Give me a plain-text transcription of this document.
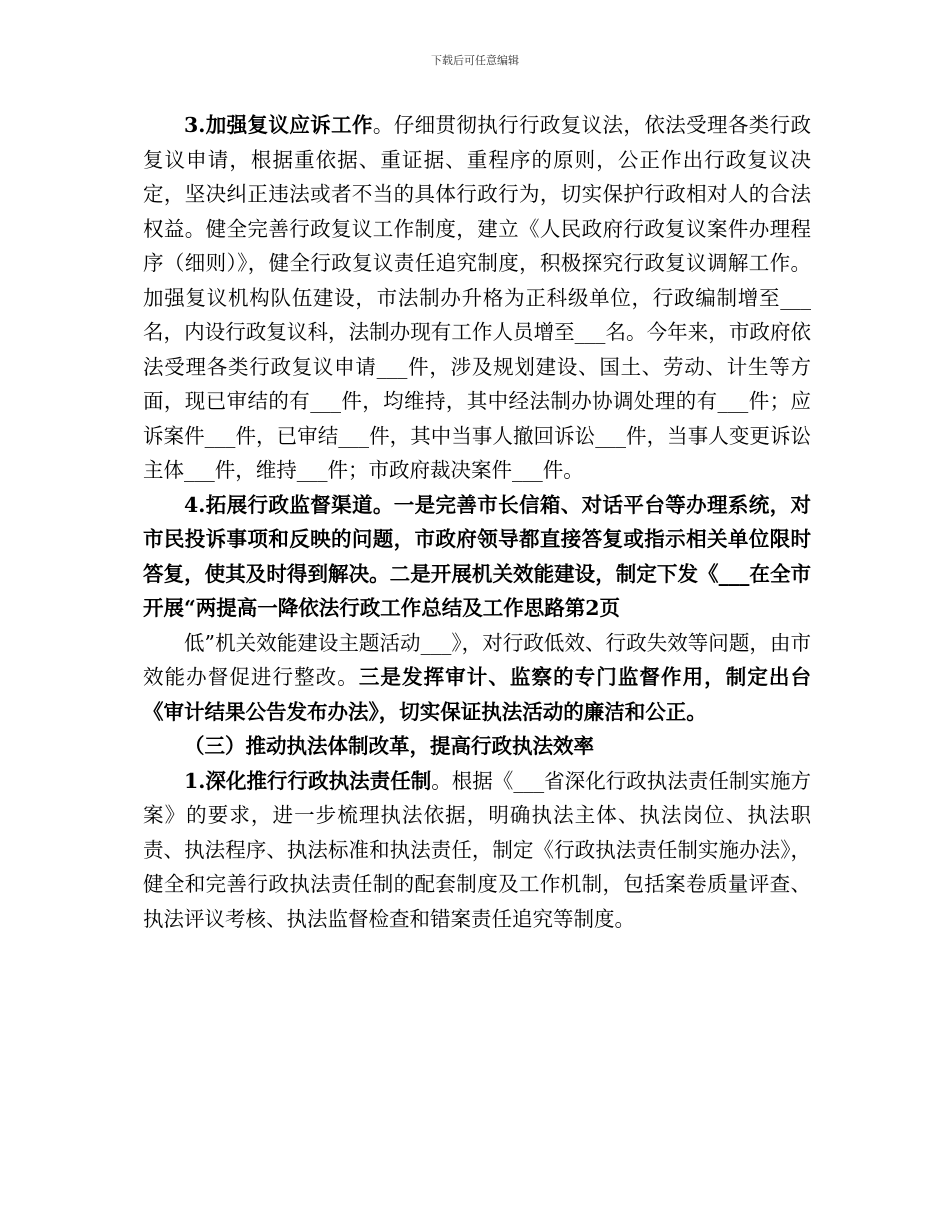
下载后可任意编辑

3.加强复议应诉工作。仔细贯彻执行行政复议法，依法受理各类行政复议申请，根据重依据、重证据、重程序的原则，公正作出行政复议决定，坚决纠正违法或者不当的具体行政行为，切实保护行政相对人的合法权益。健全完善行政复议工作制度，建立《人民政府行政复议案件办理程序（细则）》，健全行政复议责任追究制度，积极探究行政复议调解工作。加强复议机构队伍建设，市法制办升格为正科级单位，行政编制增至___名，内设行政复议科，法制办现有工作人员增至___名。今年来，市政府依法受理各类行政复议申请___件，涉及规划建设、国土、劳动、计生等方面，现已审结的有___件，均维持，其中经法制办协调处理的有___件；应诉案件___件，已审结___件，其中当事人撤回诉讼___件，当事人变更诉讼主体___件，维持___件；市政府裁决案件___件。

4.拓展行政监督渠道。一是完善市长信箱、对话平台等办理系统，对市民投诉事项和反映的问题，市政府领导都直接答复或指示相关单位限时答复，使其及时得到解决。二是开展机关效能建设，制定下发《___在全市开展“两提高一降依法行政工作总结及工作思路第2页

低”机关效能建设主题活动___》，对行政低效、行政失效等问题，由市效能办督促进行整改。三是发挥审计、监察的专门监督作用，制定出台《审计结果公告发布办法》，切实保证执法活动的廉洁和公正。

（三）推动执法体制改革，提高行政执法效率

1.深化推行行政执法责任制。根据《___省深化行政执法责任制实施方案》的要求，进一步梳理执法依据，明确执法主体、执法岗位、执法职责、执法程序、执法标准和执法责任，制定《行政执法责任制实施办法》，健全和完善行政执法责任制的配套制度及工作机制，包括案卷质量评查、执法评议考核、执法监督检查和错案责任追究等制度。
